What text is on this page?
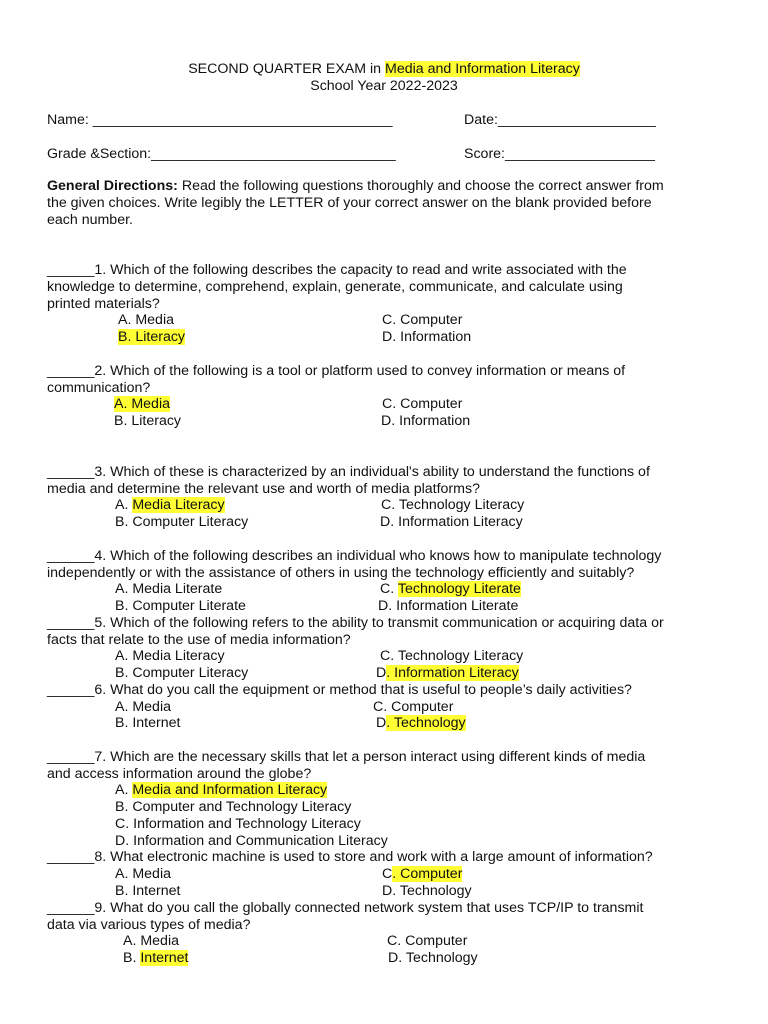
SECOND QUARTER EXAM in Media and Information Literacy
School Year 2022-2023
Name: ______________________________________	Date:____________________
Grade &Section:_______________________________	Score:___________________
General Directions: Read the following questions thoroughly and choose the correct answer from
the given choices. Write legibly the LETTER of your correct answer on the blank provided before
each number.
______1. Which of the following describes the capacity to read and write associated with the
knowledge to determine, comprehend, explain, generate, communicate, and calculate using
printed materials?
A. Media	C. Computer
B. Literacy	D. Information
______2. Which of the following is a tool or platform used to convey information or means of
communication?
A. Media	C. Computer
B. Literacy	D. Information
______3. Which of these is characterized by an individual's ability to understand the functions of
media and determine the relevant use and worth of media platforms?
A. Media Literacy	C. Technology Literacy
B. Computer Literacy	D. Information Literacy
______4. Which of the following describes an individual who knows how to manipulate technology
independently or with the assistance of others in using the technology efficiently and suitably?
A. Media Literate	C. Technology Literate
B. Computer Literate	D. Information Literate
______5. Which of the following refers to the ability to transmit communication or acquiring data or
facts that relate to the use of media information?
A. Media Literacy	C. Technology Literacy
B. Computer Literacy	D. Information Literacy
______6. What do you call the equipment or method that is useful to people’s daily activities?
A. Media	C. Computer
B. Internet	D. Technology
______7. Which are the necessary skills that let a person interact using different kinds of media
and access information around the globe?
A. Media and Information Literacy
B. Computer and Technology Literacy
C. Information and Technology Literacy
D. Information and Communication Literacy
______8. What electronic machine is used to store and work with a large amount of information?
A. Media	C. Computer
B. Internet	D. Technology
______9. What do you call the globally connected network system that uses TCP/IP to transmit
data via various types of media?
A. Media	C. Computer
B. Internet	D. Technology
